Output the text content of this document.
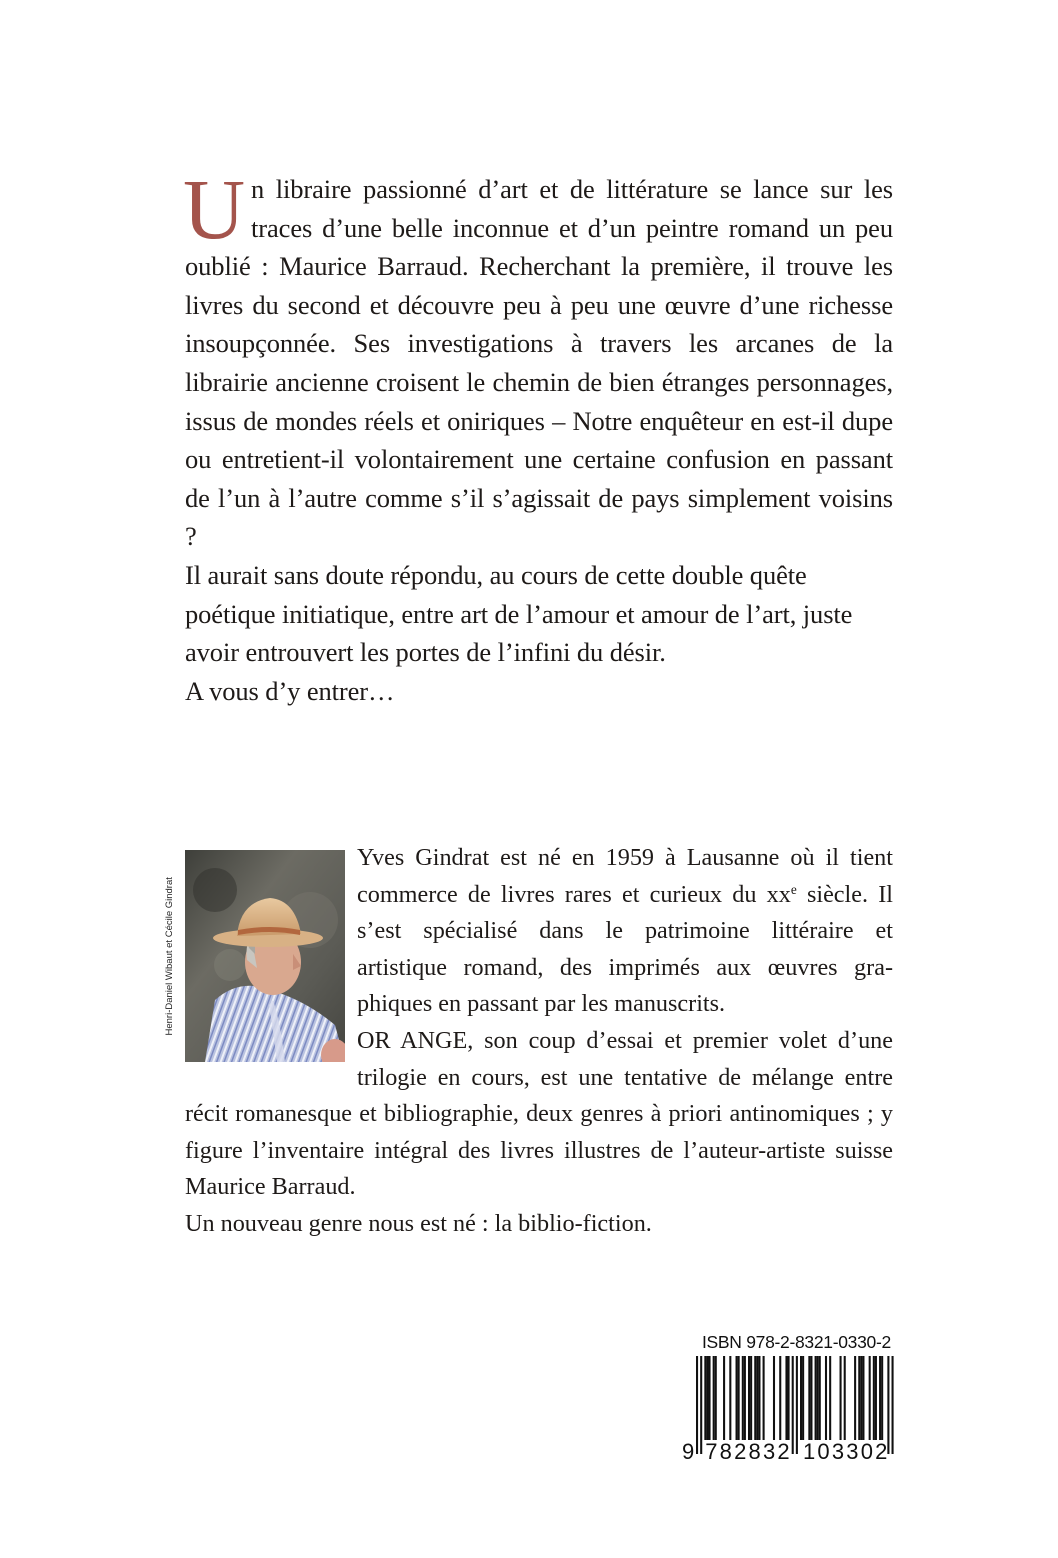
Un libraire passionné d’art et de littérature se lance sur les traces d’une belle inconnue et d’un peintre romand un peu oublié : Maurice Barraud. Recherchant la première, il trouve les livres du second et découvre peu à peu une œuvre d’une richesse insoupçonnée. Ses investigations à travers les arcanes de la librairie ancienne croisent le chemin de bien étranges personnages, issus de mondes réels et oniriques – Notre enquêteur en est-il dupe ou entretient-il volontairement une certaine confusion en passant de l’un à l’autre comme s’il s’agissait de pays simplement voisins ?

Il aurait sans doute répondu, au cours de cette double quête poétique initiatique, entre art de l’amour et amour de l’art, juste avoir entrouvert les portes de l’infini du désir.

A vous d’y entrer…

Henri-Daniel Wibaut et Cécile Gindrat

Yves Gindrat est né en 1959 à Lausanne où il tient commerce de livres rares et curieux du $xx^e$ siècle. Il s’est spécialisé dans le patrimoine littéraire et artistique romand, des imprimés aux œuvres graphiques en passant par les manuscrits.

OR ANGE, son coup d’essai et premier volet d’une trilogie en cours, est une tentative de mélange entre récit romanesque et bibliographie, deux genres à priori antinomiques ; y figure l’inventaire intégral des livres illustres de l’auteur-artiste suisse Maurice Barraud.

Un nouveau genre nous est né : la biblio-fiction.

ISBN 978-2-8321-0330-2
9 782832 103302
